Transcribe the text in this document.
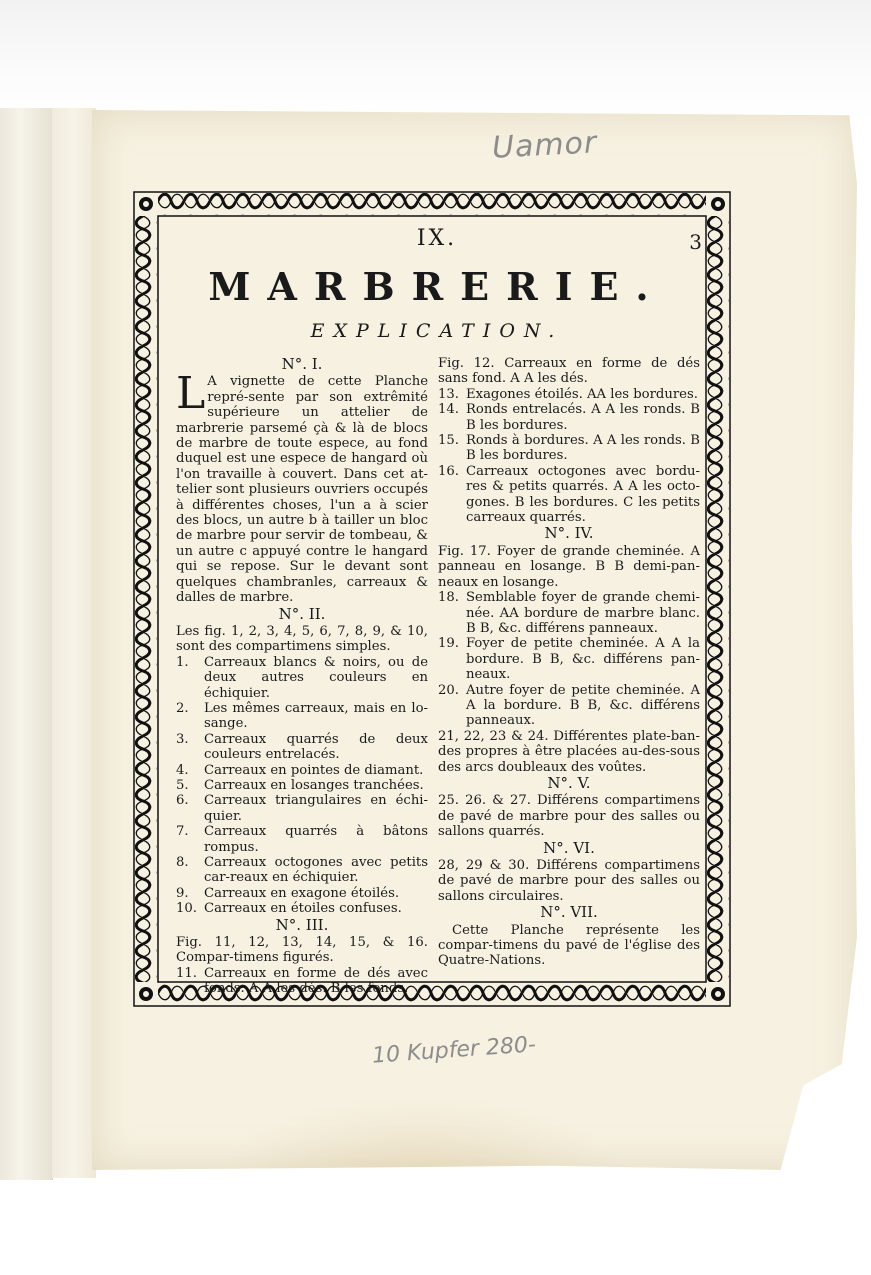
Uamor
10 Kupfer 280-
IX.	3
MARBRERIE.
EXPLICATION.
N°. I.

L A vignette de cette Planche repré-sente par son extrêmité supérieure un attelier de marbrerie parsemé çà & là de blocs de marbre de toute espece, au fond duquel est une espece de hangard où l'on travaille à couvert. Dans cet at-telier sont plusieurs ouvriers occupés à différentes choses, l'un a à scier des blocs, un autre b à tailler un bloc de marbre pour servir de tombeau, & un autre c appuyé contre le hangard qui se repose. Sur le devant sont quelques chambranles, carreaux & dalles de marbre.

N°. II.

Les fig. 1, 2, 3, 4, 5, 6, 7, 8, 9, & 10, sont des compartimens simples.

1. Carreaux blancs & noirs, ou de deux autres couleurs en échiquier.

2. Les mêmes carreaux, mais en lo-sange.

3. Carreaux quarrés de deux couleurs entrelacés.

4. Carreaux en pointes de diamant.

5. Carreaux en losanges tranchées.

6. Carreaux triangulaires en échi-quier.

7. Carreaux quarrés à bâtons rompus.

8. Carreaux octogones avec petits car-reaux en échiquier.

9. Carreaux en exagone étoilés.

10. Carreaux en étoiles confuses.

N°. III.

Fig. 11, 12, 13, 14, 15, & 16. Compar-timens figurés.

11. Carreaux en forme de dés avec fonds. A A les dés. B les fonds.

Fig. 12. Carreaux en forme de dés sans fond. A A les dés.

13. Exagones étoilés. AA les bordures.

14. Ronds entrelacés. A A les ronds. B B les bordures.

15. Ronds à bordures. A A les ronds. B B les bordures.

16. Carreaux octogones avec bordu-res & petits quarrés. A A les octo-gones. B les bordures. C les petits carreaux quarrés.

N°. IV.

Fig. 17. Foyer de grande cheminée. A panneau en losange. B B demi-pan-neaux en losange.

18. Semblable foyer de grande chemi-née. AA bordure de marbre blanc. B B, &c. différens panneaux.

19. Foyer de petite cheminée. A A la bordure. B B, &c. différens pan-neaux.

20. Autre foyer de petite cheminée. A A la bordure. B B, &c. différens panneaux.

21, 22, 23 & 24. Différentes plate-ban-des propres à être placées au-des-sous des arcs doubleaux des voûtes.

N°. V.

25. 26. & 27. Différens compartimens de pavé de marbre pour des salles ou sallons quarrés.

N°. VI.

28, 29 & 30. Différens compartimens de pavé de marbre pour des salles ou sallons circulaires.

N°. VII.

Cette Planche représente les compar-timens du pavé de l'église des Quatre-Nations.
